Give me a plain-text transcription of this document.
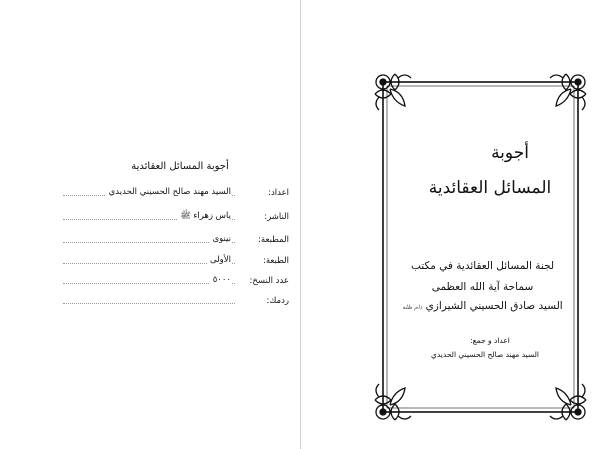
أجوبة المسائل العقائدية
اعداد:
السيد مهند صالح الحسيني الحديدي
الناشر:
ياس زهراء ﷺ
المطبعة:
نينوى
الطبعة:
الأولى
عدد النسخ:
٥٠٠٠
ردمك:
أجوبة
المسائل العقائدية
لجنة المسائل العقائدية في مكتب
سماحة آية الله العظمى
السيد صادق الحسيني الشيرازي دام ظله
اعداد و جمع:
السيد مهند صالح الحسيني الحديدي
